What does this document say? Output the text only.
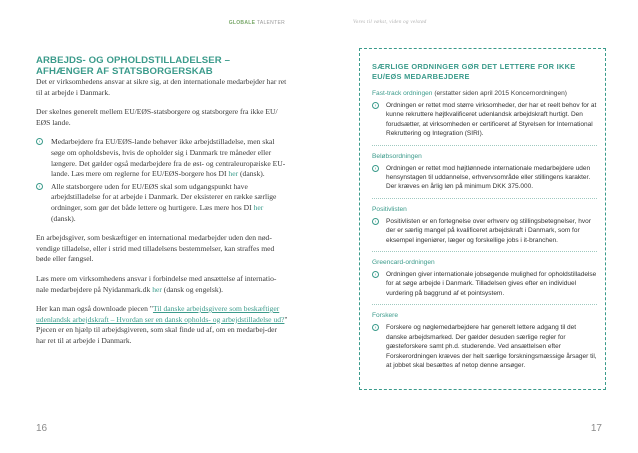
GLOBALE TALENTER
ARBEJDS- OG OPHOLDSTILLADELSER – AFHÆNGER AF STATSBORGERSKAB

Det er virksomhedens ansvar at sikre sig, at den internationale medarbejder har ret til at arbejde i Danmark.

Der skelnes generelt mellem EU/EØS-statsborgere og statsborgere fra ikke EU/ EØS lande.

›	Medarbejdere fra EU/EØS-lande behøver ikke arbejdstilladelse, men skal søge om opholdsbevis, hvis de opholder sig i Danmark tre måneder eller længere. Det gælder også medarbejdere fra de øst- og centraleuropæiske EU-lande. Læs mere om reglerne for EU/EØS-borgere hos DI her (dansk).
›	Alle statsborgere uden for EU/EØS skal som udgangspunkt have arbejdstilladelse for at arbejde i Danmark. Der eksisterer en række særlige ordninger, som gør det både lettere og hurtigere. Læs mere hos DI her (dansk).

En arbejdsgiver, som beskæftiger en international medarbejder uden den nød-vendige tilladelse, eller i strid med tilladelsens bestemmelser, kan straffes med bøde eller fængsel.

Læs mere om virksomhedens ansvar i forbindelse med ansættelse af internatio-nale medarbejdere på Nyidanmark.dk her (dansk og engelsk).

Her kan man også downloade piecen "Til danske arbejdsgivere som beskæftiger udenlandsk arbejdskraft – Hvordan ser en dansk opholds- og arbejdstilladelse ud?" Pjecen er en hjælp til arbejdsgiveren, som skal finde ud af, om en medarbej-der har ret til at arbejde i Danmark.

16
Vores til vækst, viden og velstød
SÆRLIGE ORDNINGER GØR DET LETTERE FOR IKKE EU/EØS MEDARBEJDERE
Fast-track ordningen (erstatter siden april 2015 Koncernordningen)
›	Ordningen er rettet mod større virksomheder, der har et reelt behov for at kunne rekruttere højtkvalificeret udenlandsk arbejdskraft hurtigt. Den forudsætter, at virksomheden er certificeret af Styrelsen for International Rekruttering og Integration (SIRI).
Beløbsordningen
›	Ordningen er rettet mod højtlønnede internationale medarbejdere uden hensynstagen til uddannelse, erhvervsområde eller stillingens karakter. Der kræves en årlig løn på minimum DKK 375.000.
Positivlisten
›	Positivlisten er en fortegnelse over erhverv og stillingsbetegnelser, hvor der er særlig mangel på kvalificeret arbejdskraft i Danmark, som for eksempel ingeniører, læger og forskellige jobs i it-branchen.
Greencard-ordningen
›	Ordningen giver internationale jobsøgende mulighed for opholdstilladelse for at søge arbejde i Danmark. Tilladelsen gives efter en individuel vurdering på baggrund af et pointsystem.
Forskere
›	Forskere og nøglemedarbejdere har generelt lettere adgang til det danske arbejdsmarked. Der gælder desuden særlige regler for gæsteforskere samt ph.d. studerende. Ved ansættelsen efter Forskerordningen kræves der helt særlige forskningsmæssige årsager til, at jobbet skal besættes af netop denne ansøger.
17
